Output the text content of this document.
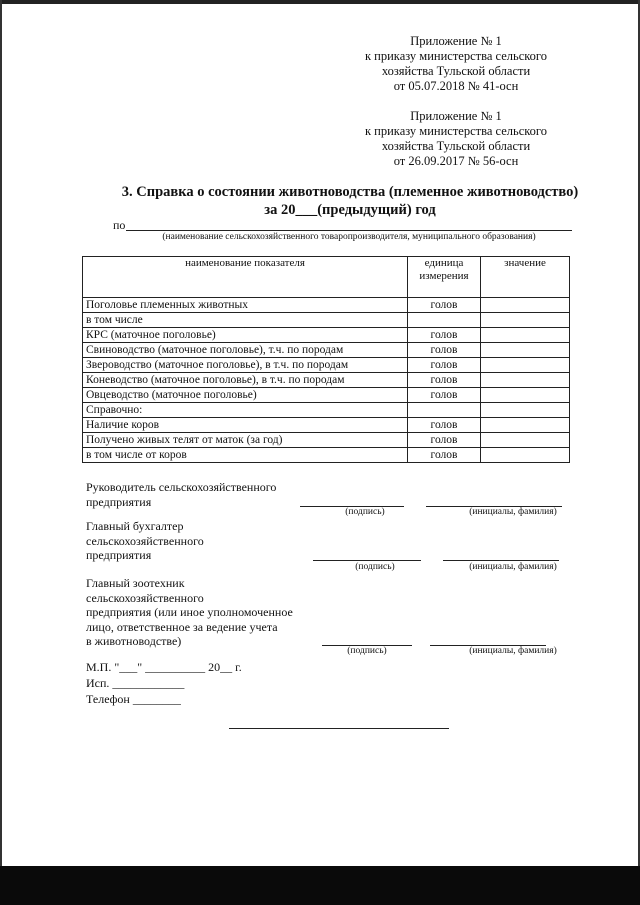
Приложение № 1
к приказу министерства сельского
хозяйства Тульской области
от 05.07.2018 № 41-осн
Приложение № 1
к приказу министерства сельского
хозяйства Тульской области
от 26.09.2017 № 56-осн
3. Справка о состоянии животноводства (племенное животноводство)
за 20___(предыдущий) год
по
(наименование сельскохозяйственного товаропроизводителя, муниципального образования)
наименование показателя	единица измерения	значение
Поголовье племенных животных	голов	
в том числе		
КРС (маточное поголовье)	голов	
Свиноводство (маточное поголовье), т.ч. по породам	голов	
Звероводство (маточное поголовье), в т.ч. по породам	голов	
Коневодство (маточное поголовье), в т.ч. по породам	голов	
Овцеводство (маточное поголовье)	голов	
Справочно:		
Наличие коров	голов	
Получено живых телят от маток (за год)	голов	
в том числе от коров	голов	
Руководитель сельскохозяйственного
предприятия
(подпись)	(инициалы, фамилия)
Главный бухгалтер
сельскохозяйственного
предприятия
(подпись)	(инициалы, фамилия)
Главный зоотехник
сельскохозяйственного
предприятия (или иное уполномоченное
лицо, ответственное за ведение учета
в животноводстве)
(подпись)	(инициалы, фамилия)
М.П. "___" __________ 20__ г.
Исп. ____________
Телефон ________
